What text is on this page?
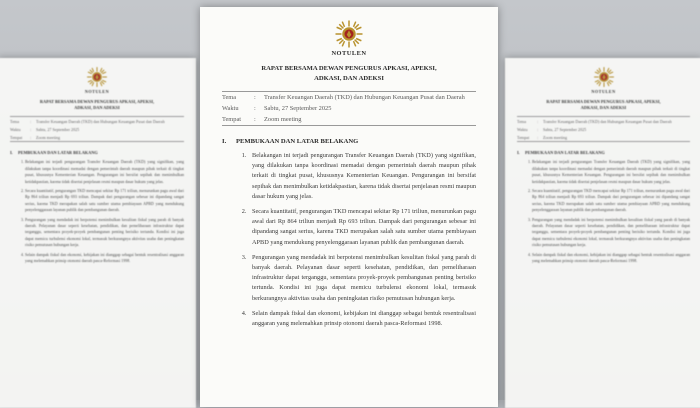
NOTULEN
RAPAT BERSAMA DEWAN PENGURUS APKASI, APEKSI,
ADKASI, DAN ADEKSI
Tema	:	Transfer Keuangan Daerah (TKD) dan Hubungan Keuangan Pusat dan Daerah
Waktu	:	Sabtu, 27 September 2025
Tempat	:	Zoom meeting
I. PEMBUKAAN DAN LATAR BELAKANG
1. Belakangan ini terjadi pengurangan Transfer Keuangan Daerah (TKD) yang signifikan, yang dilakukan tanpa koordinasi memadai dengan pemerintah daerah maupun pihak terkait di tingkat pusat, khususnya Kementerian Keuangan. Pengurangan ini bersifat sepihak dan menimbulkan ketidakpastian, karena tidak disertai penjelasan resmi maupun dasar hukum yang jelas.
2. Secara kuantitatif, pengurangan TKD mencapai sekitar Rp 171 triliun, menurunkan pagu awal dari Rp 864 triliun menjadi Rp 693 triliun. Dampak dari pengurangan sebesar ini dipandang sangat serius, karena TKD merupakan salah satu sumber utama pembiayaan APBD yang mendukung penyelenggaraan layanan publik dan pembangunan daerah.
3. Pengurangan yang mendadak ini berpotensi menimbulkan kesulitan fiskal yang parah di banyak daerah. Pelayanan dasar seperti kesehatan, pendidikan, dan pemeliharaan infrastruktur dapat terganggu, sementara proyek-proyek pembangunan penting berisiko tertunda. Kondisi ini juga dapat memicu turbulensi ekonomi lokal, termasuk berkurangnya aktivitas usaha dan peningkatan risiko pemutusan hubungan kerja.
4. Selain dampak fiskal dan ekonomi, kebijakan ini dianggap sebagai bentuk resentralisasi anggaran yang melemahkan prinsip otonomi daerah pasca-Reformasi 1998.
NOTULEN
RAPAT BERSAMA DEWAN PENGURUS APKASI, APEKSI,
ADKASI, DAN ADEKSI
Tema	:	Transfer Keuangan Daerah (TKD) dan Hubungan Keuangan Pusat dan Daerah
Waktu	:	Sabtu, 27 September 2025
Tempat	:	Zoom meeting
I. PEMBUKAAN DAN LATAR BELAKANG
1. Belakangan ini terjadi pengurangan Transfer Keuangan Daerah (TKD) yang signifikan, yang dilakukan tanpa koordinasi memadai dengan pemerintah daerah maupun pihak terkait di tingkat pusat, khususnya Kementerian Keuangan. Pengurangan ini bersifat sepihak dan menimbulkan ketidakpastian, karena tidak disertai penjelasan resmi maupun dasar hukum yang jelas.
2. Secara kuantitatif, pengurangan TKD mencapai sekitar Rp 171 triliun, menurunkan pagu awal dari Rp 864 triliun menjadi Rp 693 triliun. Dampak dari pengurangan sebesar ini dipandang sangat serius, karena TKD merupakan salah satu sumber utama pembiayaan APBD yang mendukung penyelenggaraan layanan publik dan pembangunan daerah.
3. Pengurangan yang mendadak ini berpotensi menimbulkan kesulitan fiskal yang parah di banyak daerah. Pelayanan dasar seperti kesehatan, pendidikan, dan pemeliharaan infrastruktur dapat terganggu, sementara proyek-proyek pembangunan penting berisiko tertunda. Kondisi ini juga dapat memicu turbulensi ekonomi lokal, termasuk berkurangnya aktivitas usaha dan peningkatan risiko pemutusan hubungan kerja.
4. Selain dampak fiskal dan ekonomi, kebijakan ini dianggap sebagai bentuk resentralisasi anggaran yang melemahkan prinsip otonomi daerah pasca-Reformasi 1998.
NOTULEN
RAPAT BERSAMA DEWAN PENGURUS APKASI, APEKSI,
ADKASI, DAN ADEKSI
Tema	:	Transfer Keuangan Daerah (TKD) dan Hubungan Keuangan Pusat dan Daerah
Waktu	:	Sabtu, 27 September 2025
Tempat	:	Zoom meeting
I. PEMBUKAAN DAN LATAR BELAKANG
1. Belakangan ini terjadi pengurangan Transfer Keuangan Daerah (TKD) yang signifikan, yang dilakukan tanpa koordinasi memadai dengan pemerintah daerah maupun pihak terkait di tingkat pusat, khususnya Kementerian Keuangan. Pengurangan ini bersifat sepihak dan menimbulkan ketidakpastian, karena tidak disertai penjelasan resmi maupun dasar hukum yang jelas.
2. Secara kuantitatif, pengurangan TKD mencapai sekitar Rp 171 triliun, menurunkan pagu awal dari Rp 864 triliun menjadi Rp 693 triliun. Dampak dari pengurangan sebesar ini dipandang sangat serius, karena TKD merupakan salah satu sumber utama pembiayaan APBD yang mendukung penyelenggaraan layanan publik dan pembangunan daerah.
3. Pengurangan yang mendadak ini berpotensi menimbulkan kesulitan fiskal yang parah di banyak daerah. Pelayanan dasar seperti kesehatan, pendidikan, dan pemeliharaan infrastruktur dapat terganggu, sementara proyek-proyek pembangunan penting berisiko tertunda. Kondisi ini juga dapat memicu turbulensi ekonomi lokal, termasuk berkurangnya aktivitas usaha dan peningkatan risiko pemutusan hubungan kerja.
4. Selain dampak fiskal dan ekonomi, kebijakan ini dianggap sebagai bentuk resentralisasi anggaran yang melemahkan prinsip otonomi daerah pasca-Reformasi 1998.
